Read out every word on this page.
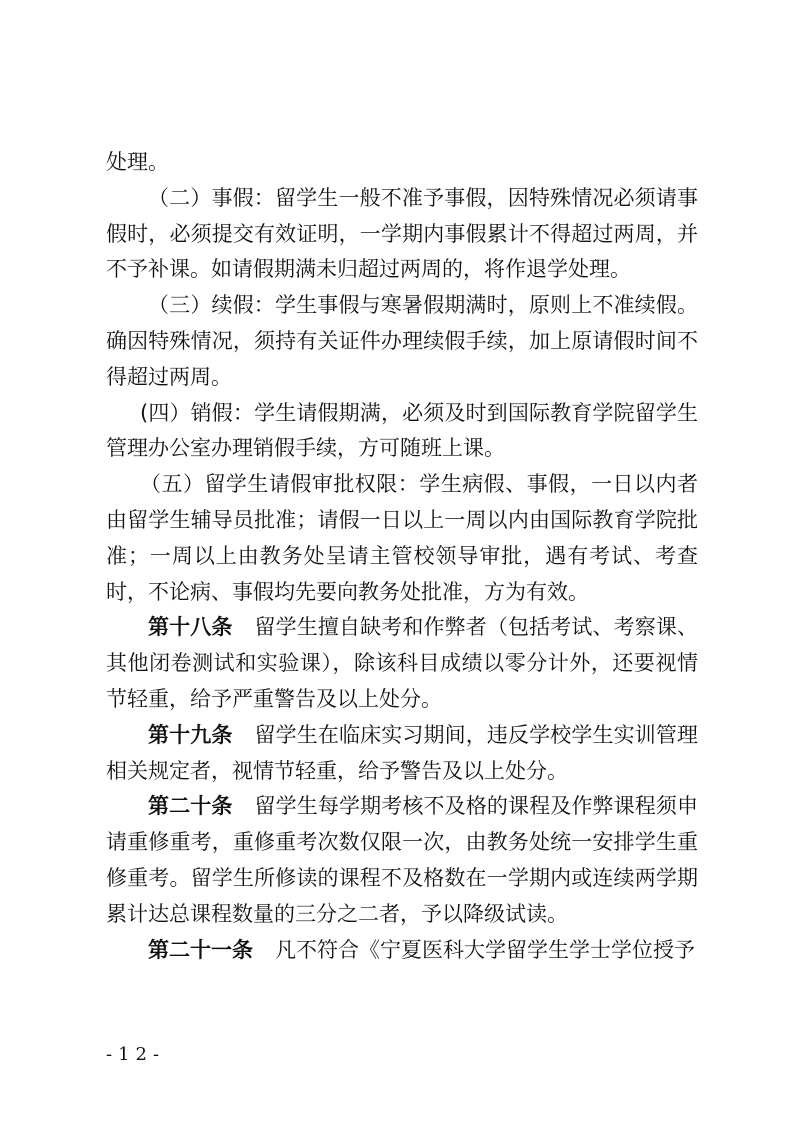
处理。

（二）事假：留学生一般不准予事假，因特殊情况必须请事假时，必须提交有效证明，一学期内事假累计不得超过两周，并不予补课。如请假期满未归超过两周的，将作退学处理。

（三）续假：学生事假与寒暑假期满时，原则上不准续假。确因特殊情况，须持有关证件办理续假手续，加上原请假时间不得超过两周。

(四）销假：学生请假期满，必须及时到国际教育学院留学生管理办公室办理销假手续，方可随班上课。

（五）留学生请假审批权限：学生病假、事假，一日以内者由留学生辅导员批准；请假一日以上一周以内由国际教育学院批准；一周以上由教务处呈请主管校领导审批，遇有考试、考查时，不论病、事假均先要向教务处批准，方为有效。

第十八条 留学生擅自缺考和作弊者（包括考试、考察课、其他闭卷测试和实验课），除该科目成绩以零分计外，还要视情节轻重，给予严重警告及以上处分。

第十九条 留学生在临床实习期间，违反学校学生实训管理相关规定者，视情节轻重，给予警告及以上处分。

第二十条 留学生每学期考核不及格的课程及作弊课程须申请重修重考，重修重考次数仅限一次，由教务处统一安排学生重修重考。留学生所修读的课程不及格数在一学期内或连续两学期累计达总课程数量的三分之二者，予以降级试读。

第二十一条 凡不符合《宁夏医科大学留学生学士学位授予

-12-
